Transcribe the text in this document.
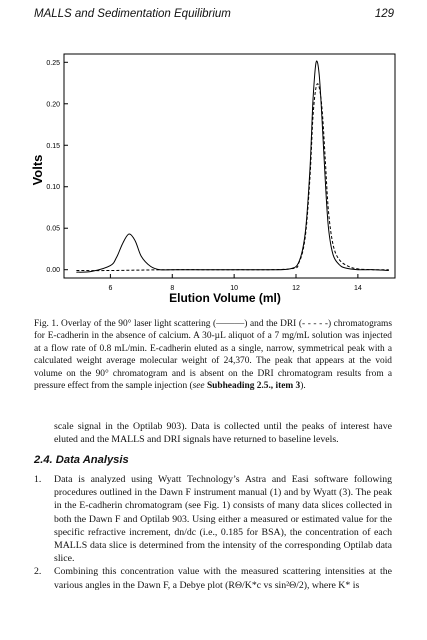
MALLS and Sedimentation Equilibrium	129
6	8	10	12	14
0.00
0.05
0.10
0.15
0.20
0.25
Volts
Elution Volume (ml)

Fig. 1. Overlay of the 90° laser light scattering (———) and the DRI (- - - - -) chromatograms for E-cadherin in the absence of calcium. A 30-µL aliquot of a 7 mg/mL solution was injected at a flow rate of 0.8 mL/min. E-cadherin eluted as a single, narrow, symmetrical peak with a calculated weight average molecular weight of 24,370. The peak that appears at the void volume on the 90° chromatogram and is absent on the DRI chromatogram results from a pressure effect from the sample injection (see Subheading 2.5., item 3).

scale signal in the Optilab 903). Data is collected until the peaks of interest have eluted and the MALLS and DRI signals have returned to baseline levels.

2.4. Data Analysis
1. Data is analyzed using Wyatt Technology’s Astra and Easi software following procedures outlined in the Dawn F instrument manual (1) and by Wyatt (3). The peak in the E-cadherin chromatogram (see Fig. 1) consists of many data slices collected in both the Dawn F and Optilab 903. Using either a measured or estimated value for the specific refractive increment, dn/dc (i.e., 0.185 for BSA), the concentration of each MALLS data slice is determined from the intensity of the corresponding Optilab data slice.
2. Combining this concentration value with the measured scattering intensities at the various angles in the Dawn F, a Debye plot (RΘ/K*c vs sin²Θ/2), where K* is
